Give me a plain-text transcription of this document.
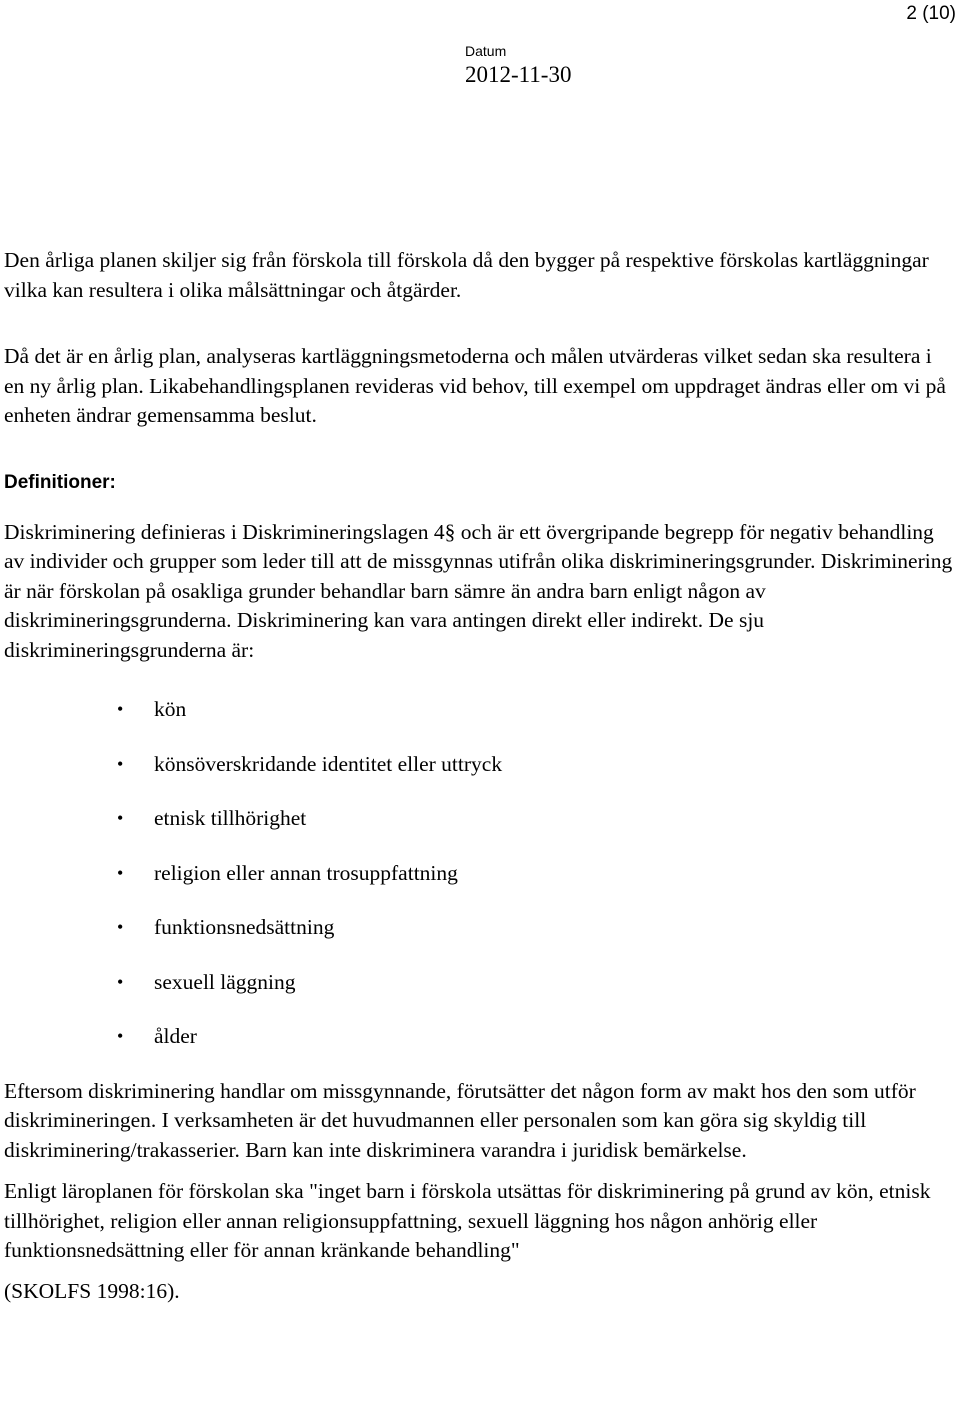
2 (10)
Datum
2012-11-30

Den årliga planen skiljer sig från förskola till förskola då den bygger på respektive förskolas kartläggningar vilka kan resultera i olika målsättningar och åtgärder.

Då det är en årlig plan, analyseras kartläggningsmetoderna och målen utvärderas vilket sedan ska resultera i en ny årlig plan. Likabehandlingsplanen revideras vid behov, till exempel om uppdraget ändras eller om vi på enheten ändrar gemensamma beslut.

Definitioner:

Diskriminering definieras i Diskrimineringslagen 4§ och är ett övergripande begrepp för negativ behandling av individer och grupper som leder till att de missgynnas utifrån olika diskrimineringsgrunder. Diskriminering är när förskolan på osakliga grunder behandlar barn sämre än andra barn enligt någon av diskrimineringsgrunderna. Diskriminering kan vara antingen direkt eller indirekt. De sju diskrimineringsgrunderna är:

• kön
• könsöverskridande identitet eller uttryck
• etnisk tillhörighet
• religion eller annan trosuppfattning
• funktionsnedsättning
• sexuell läggning
• ålder

Eftersom diskriminering handlar om missgynnande, förutsätter det någon form av makt hos den som utför diskrimineringen. I verksamheten är det huvudmannen eller personalen som kan göra sig skyldig till diskriminering/trakasserier. Barn kan inte diskriminera varandra i juridisk bemärkelse.

Enligt läroplanen för förskolan ska "inget barn i förskola utsättas för diskriminering på grund av kön, etnisk tillhörighet, religion eller annan religionsuppfattning, sexuell läggning hos någon anhörig eller funktionsnedsättning eller för annan kränkande behandling"

(SKOLFS 1998:16).
